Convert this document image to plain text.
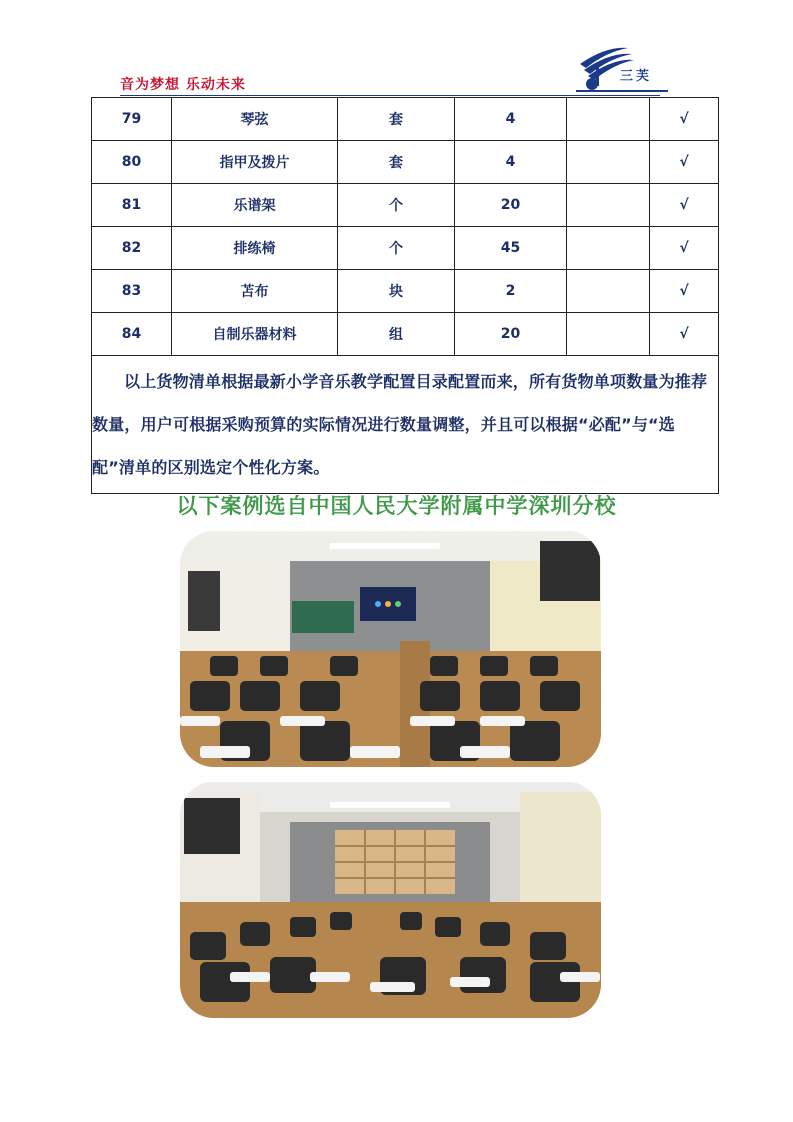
音为梦想 乐动未来
三芙
79	琴弦	套	4		√
80	指甲及拨片	套	4		√
81	乐谱架	个	20		√
82	排练椅	个	45		√
83	苫布	块	2		√
84	自制乐器材料	组	20		√
以上货物清单根据最新小学音乐教学配置目录配置而来，所有货物单项数量为推荐数量，用户可根据采购预算的实际情况进行数量调整，并且可以根据“必配”与“选配”清单的区别选定个性化方案。					
以下案例选自中国人民大学附属中学深圳分校
